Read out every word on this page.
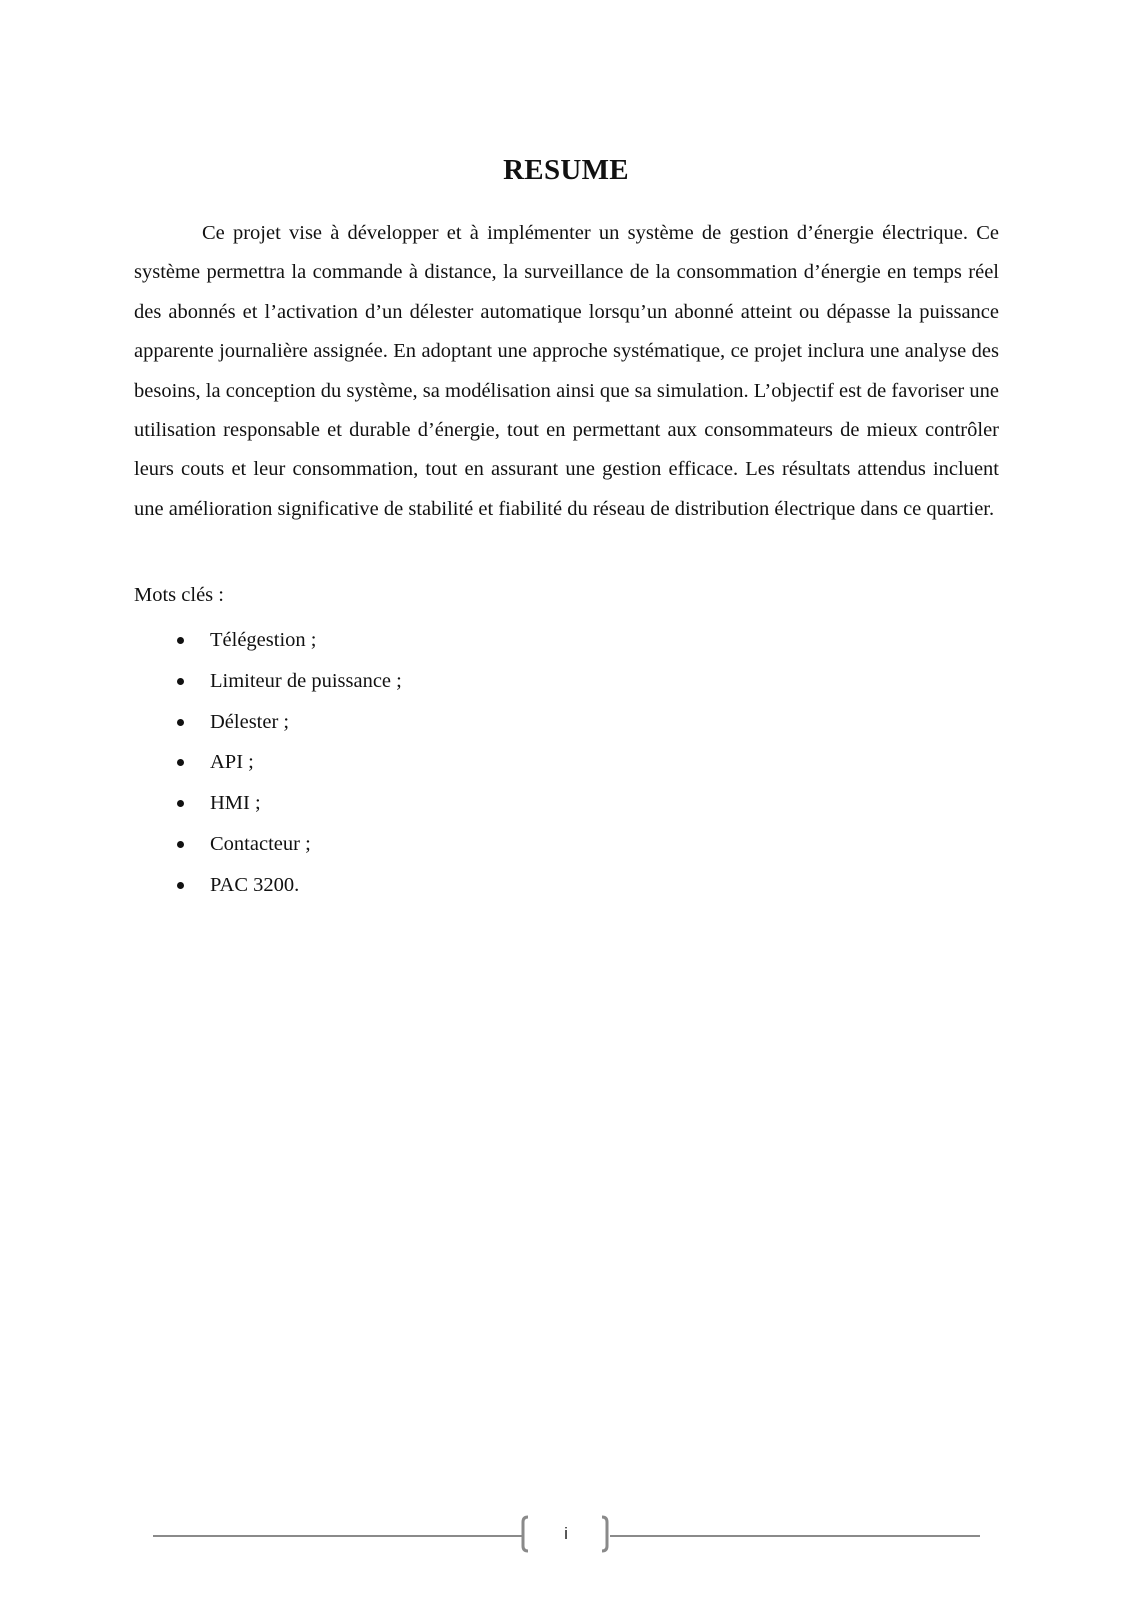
RESUME

Ce projet vise à développer et à implémenter un système de gestion d’énergie électrique. Ce système permettra la commande à distance, la surveillance de la consommation d’énergie en temps réel des abonnés et l’activation d’un délester automatique lorsqu’un abonné atteint ou dépasse la puissance apparente journalière assignée. En adoptant une approche systématique, ce projet inclura une analyse des besoins, la conception du système, sa modélisation ainsi que sa simulation. L’objectif est de favoriser une utilisation responsable et durable d’énergie, tout en permettant aux consommateurs de mieux contrôler leurs couts et leur consommation, tout en assurant une gestion efficace. Les résultats attendus incluent une amélioration significative de stabilité et fiabilité du réseau de distribution électrique dans ce quartier.

Mots clés :

Télégestion ;
Limiteur de puissance ;
Délester ;
API ;
HMI ;
Contacteur ;
PAC 3200.
i
